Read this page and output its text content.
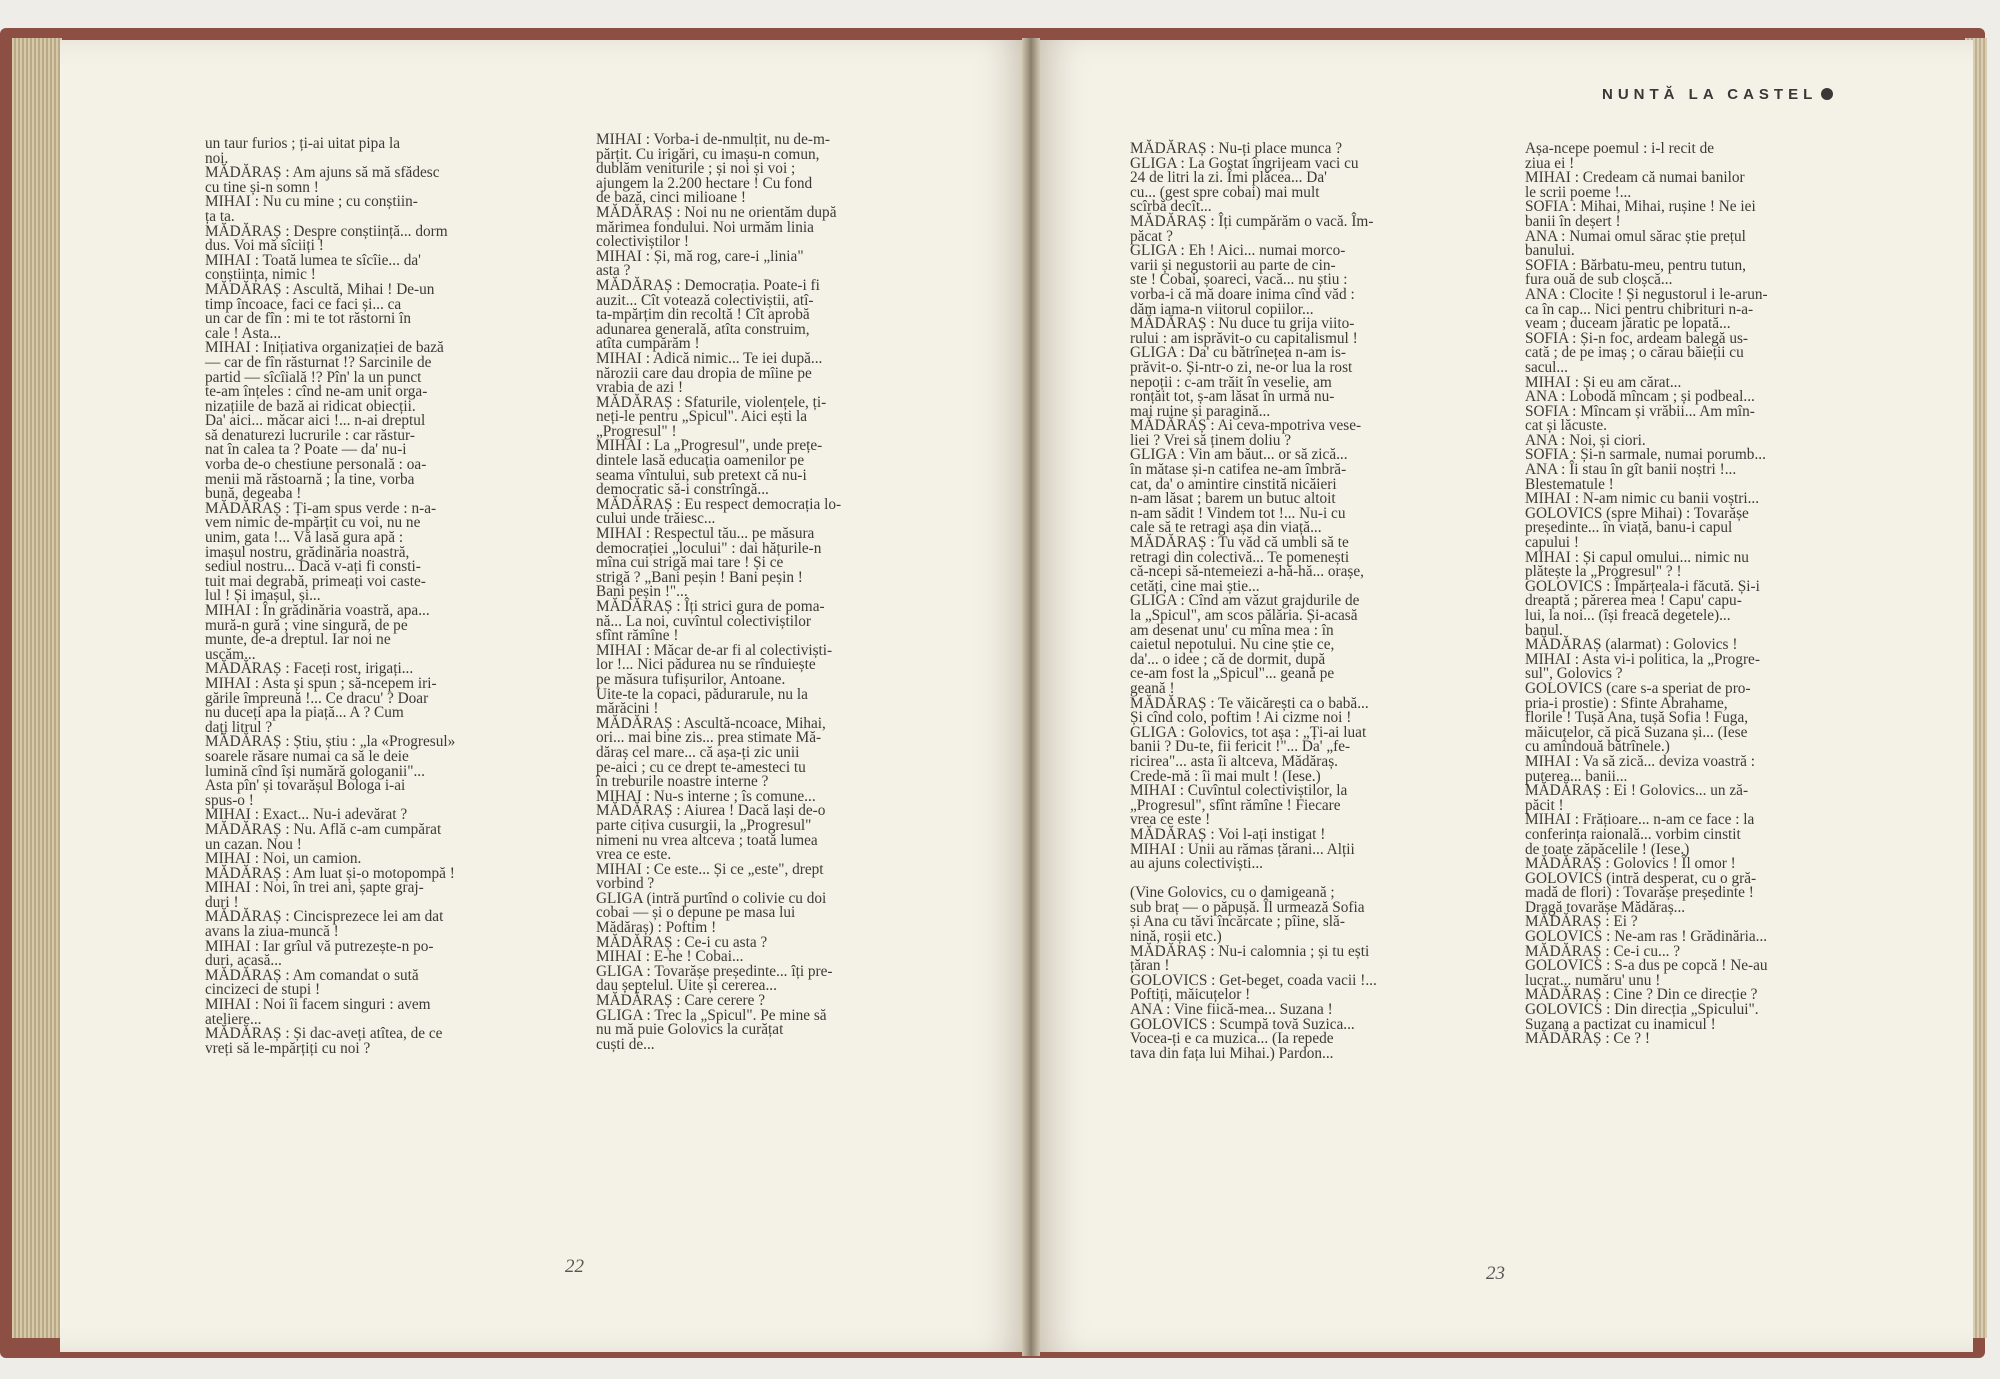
NUNTĂ LA CASTEL
un taur furios ; ți-ai uitat pipa la
noi.
MĂDĂRAȘ : Am ajuns să mă sfădesc
cu tine și-n somn !
MIHAI : Nu cu mine ; cu conștiin-
ța ta.
MĂDĂRAȘ : Despre conștiință... dorm
dus. Voi mă sîciiți !
MIHAI : Toată lumea te sîcîie... da'
conștiința, nimic !
MĂDĂRAȘ : Ascultă, Mihai ! De-un
timp încoace, faci ce faci și... ca
un car de fîn : mi te tot răstorni în
cale ! Asta...
MIHAI : Inițiativa organizației de bază
— car de fîn răsturnat !? Sarcinile de
partid — sîcîială !? Pîn' la un punct
te-am înțeles : cînd ne-am unit orga-
nizațiile de bază ai ridicat obiecții.
Da' aici... măcar aici !... n-ai dreptul
să denaturezi lucrurile : car răstur-
nat în calea ta ? Poate — da' nu-i
vorba de-o chestiune personală : oa-
menii mă răstoarnă ; la tine, vorba
bună, degeaba !
MĂDĂRAȘ : Ți-am spus verde : n-a-
vem nimic de-mpărțit cu voi, nu ne
unim, gata !... Vă lasă gura apă :
imașul nostru, grădinăria noastră,
sediul nostru... Dacă v-ați fi consti-
tuit mai degrabă, primeați voi caste-
lul ! Și imașul, și...
MIHAI : În grădinăria voastră, apa...
mură-n gură ; vine singură, de pe
munte, de-a dreptul. Iar noi ne
uscăm...
MĂDĂRAȘ : Faceți rost, irigați...
MIHAI : Asta și spun ; să-ncepem iri-
gările împreună !... Ce dracu' ? Doar
nu duceți apa la piață... A ? Cum
dați litrul ?
MĂDĂRAȘ : Știu, știu : „la «Progresul»
soarele răsare numai ca să le deie
lumină cînd își numără gologanii"...
Asta pîn' și tovarășul Bologa i-ai
spus-o !
MIHAI : Exact... Nu-i adevărat ?
MĂDĂRAȘ : Nu. Află c-am cumpărat
un cazan. Nou !
MIHAI : Noi, un camion.
MĂDĂRAȘ : Am luat și-o motopompă !
MIHAI : Noi, în trei ani, șapte graj-
duri !
MĂDĂRAȘ : Cincisprezece lei am dat
avans la ziua-muncă !
MIHAI : Iar grîul vă putrezește-n po-
duri, acasă...
MĂDĂRAȘ : Am comandat o sută
cincizeci de stupi !
MIHAI : Noi îi facem singuri : avem
ateliere...
MĂDĂRAȘ : Și dac-aveți atîtea, de ce
vreți să le-mpărțiți cu noi ?
MIHAI : Vorba-i de-nmulțit, nu de-m-
părțit. Cu irigări, cu imașu-n comun,
dublăm veniturile ; și noi și voi ;
ajungem la 2.200 hectare ! Cu fond
de bază, cinci milioane !
MĂDĂRAȘ : Noi nu ne orientăm după
mărimea fondului. Noi urmăm linia
colectiviștilor !
MIHAI : Și, mă rog, care-i „linia"
asta ?
MĂDĂRAȘ : Democrația. Poate-i fi
auzit... Cît votează colectiviștii, atî-
ta-mpărțim din recoltă ! Cît aprobă
adunarea generală, atîta construim,
atîta cumpărăm !
MIHAI : Adică nimic... Te iei după...
nărozii care dau dropia de mîine pe
vrabia de azi !
MĂDĂRAȘ : Sfaturile, violențele, ți-
neți-le pentru „Spicul". Aici ești la
„Progresul" !
MIHAI : La „Progresul", unde prețe-
dintele lasă educația oamenilor pe
seama vîntului, sub pretext că nu-i
democratic să-i constrîngă...
MĂDĂRAȘ : Eu respect democrația lo-
cului unde trăiesc...
MIHAI : Respectul tău... pe măsura
democrației „locului" : dai hățurile-n
mîna cui strigă mai tare ! Și ce
strigă ? „Bani peșin ! Bani peșin !
Bani peșin !"...
MĂDĂRAȘ : Îți strici gura de poma-
nă... La noi, cuvîntul colectiviștilor
sfînt rămîne !
MIHAI : Măcar de-ar fi al colectiviști-
lor !... Nici pădurea nu se rînduiește
pe măsura tufișurilor, Antoane.
Uite-te la copaci, pădurarule, nu la
mărăcini !
MĂDĂRAȘ : Ascultă-ncoace, Mihai,
ori... mai bine zis... prea stimate Mă-
dăraș cel mare... că așa-ți zic unii
pe-aici ; cu ce drept te-amesteci tu
în treburile noastre interne ?
MIHAI : Nu-s interne ; îs comune...
MĂDĂRAȘ : Aiurea ! Dacă lași de-o
parte cițiva cusurgii, la „Progresul"
nimeni nu vrea altceva ; toată lumea
vrea ce este.
MIHAI : Ce este... Și ce „este", drept
vorbind ?
GLIGA (intră purtînd o colivie cu doi
cobai — și o depune pe masa lui
Mădăraș) : Poftim !
MĂDĂRAȘ : Ce-i cu asta ?
MIHAI : E-he ! Cobai...
GLIGA : Tovarășe președinte... îți pre-
dau șeptelul. Uite și cererea...
MĂDĂRAȘ : Care cerere ?
GLIGA : Trec la „Spicul". Pe mine să
nu mă puie Golovics la curățat
cuști de...
MĂDĂRAȘ : Nu-ți place munca ?
GLIGA : La Gostat îngrijeam vaci cu
24 de litri la zi. Îmi plăcea... Da'
cu... (gest spre cobai) mai mult
scîrbă decît...
MĂDĂRAȘ : Îți cumpărăm o vacă. Îm-
păcat ?
GLIGA : Eh ! Aici... numai morco-
varii și negustorii au parte de cin-
ste ! Cobai, șoareci, vacă... nu știu :
vorba-i că mă doare inima cînd văd :
dăm iama-n viitorul copiilor...
MĂDĂRAȘ : Nu duce tu grija viito-
rului : am isprăvit-o cu capitalismul !
GLIGA : Da' cu bătrînețea n-am is-
prăvit-o. Și-ntr-o zi, ne-or lua la rost
nepoții : c-am trăit în veselie, am
ronțăit tot, ș-am lăsat în urmă nu-
mai ruine și paragină...
MĂDĂRAȘ : Ai ceva-mpotriva vese-
liei ? Vrei să ținem doliu ?
GLIGA : Vin am băut... or să zică...
în mătase și-n catifea ne-am îmbră-
cat, da' o amintire cinstită nicăieri
n-am lăsat ; barem un butuc altoit
n-am sădit ! Vindem tot !... Nu-i cu
cale să te retragi așa din viață...
MĂDĂRAȘ : Tu văd că umbli să te
retragi din colectivă... Te pomenești
că-ncepi să-ntemeiezi a-hă-hă... orașe,
cetăți, cine mai știe...
GLIGA : Cînd am văzut grajdurile de
la „Spicul", am scos pălăria. Și-acasă
am desenat unu' cu mîna mea : în
caietul nepotului. Nu cine știe ce,
da'... o idee ; că de dormit, după
ce-am fost la „Spicul"... geană pe
geană !
MĂDĂRAȘ : Te văicărești ca o babă...
Și cînd colo, poftim ! Ai cizme noi !
GLIGA : Golovics, tot așa : „Ți-ai luat
banii ? Du-te, fii fericit !"... Da' „fe-
ricirea"... asta îi altceva, Mădăraș.
Crede-mă : îi mai mult ! (Iese.)
MIHAI : Cuvîntul colectiviștilor, la
„Progresul", sfînt rămîne ! Fiecare
vrea ce este !
MĂDĂRAȘ : Voi l-ați instigat !
MIHAI : Unii au rămas țărani... Alții
au ajuns colectiviști...
(Vine Golovics, cu o damigeană ;
sub braț — o păpușă. Îl urmează Sofia
și Ana cu tăvi încărcate ; pîine, slă-
nină, roșii etc.)
MĂDĂRAȘ : Nu-i calomnia ; și tu ești
țăran !
GOLOVICS : Get-beget, coada vacii !...
Poftiți, măicuțelor !
ANA : Vine fiică-mea... Suzana !
GOLOVICS : Scumpă tovă Suzica...
Vocea-ți e ca muzica... (Ia repede
tava din fața lui Mihai.) Pardon...
Așa-ncepe poemul : i-l recit de
ziua ei !
MIHAI : Credeam că numai banilor
le scrii poeme !...
SOFIA : Mihai, Mihai, rușine ! Ne iei
banii în deșert !
ANA : Numai omul sărac știe prețul
banului.
SOFIA : Bărbatu-meu, pentru tutun,
fura ouă de sub cloșcă...
ANA : Clocite ! Și negustorul i le-arun-
ca în cap... Nici pentru chibrituri n-a-
veam ; duceam jăratic pe lopată...
SOFIA : Și-n foc, ardeam balegă us-
cată ; de pe imaș ; o cărau băieții cu
sacul...
MIHAI : Și eu am cărat...
ANA : Lobodă mîncam ; și podbeal...
SOFIA : Mîncam și vrăbii... Am mîn-
cat și lăcuste.
ANA : Noi, și ciori.
SOFIA : Și-n sarmale, numai porumb...
ANA : Îi stau în gît banii noștri !...
Blestematule !
MIHAI : N-am nimic cu banii voștri...
GOLOVICS (spre Mihai) : Tovarășe
președinte... în viață, banu-i capul
capului !
MIHAI : Și capul omului... nimic nu
plătește la „Progresul" ? !
GOLOVICS : Împărțeala-i făcută. Și-i
dreaptă ; părerea mea ! Capu' capu-
lui, la noi... (își freacă degetele)...
banul.
MĂDĂRAȘ (alarmat) : Golovics !
MIHAI : Asta vi-i politica, la „Progre-
sul", Golovics ?
GOLOVICS (care s-a speriat de pro-
pria-i prostie) : Sfinte Abrahame,
florile ! Tușă Ana, tușă Sofia ! Fuga,
măicuțelor, că pică Suzana și... (Iese
cu amîndouă bătrînele.)
MIHAI : Va să zică... deviza voastră :
puterea... banii...
MĂDĂRAȘ : Ei ! Golovics... un ză-
păcit !
MIHAI : Frățioare... n-am ce face : la
conferința raională... vorbim cinstit
de toate zăpăcelile ! (Iese.)
MĂDĂRAȘ : Golovics ! Îl omor !
GOLOVICS (intră desperat, cu o gră-
madă de flori) : Tovarășe președinte !
Dragă tovarășe Mădăraș...
MĂDĂRAȘ : Ei ?
GOLOVICS : Ne-am ras ! Grădinăria...
MĂDĂRAȘ : Ce-i cu... ?
GOLOVICS : S-a dus pe copcă ! Ne-au
lucrat... număru' unu !
MĂDĂRAȘ : Cine ? Din ce direcție ?
GOLOVICS : Din direcția „Spicului".
Suzana a pactizat cu inamicul !
MĂDĂRAȘ : Ce ? !
22	23
